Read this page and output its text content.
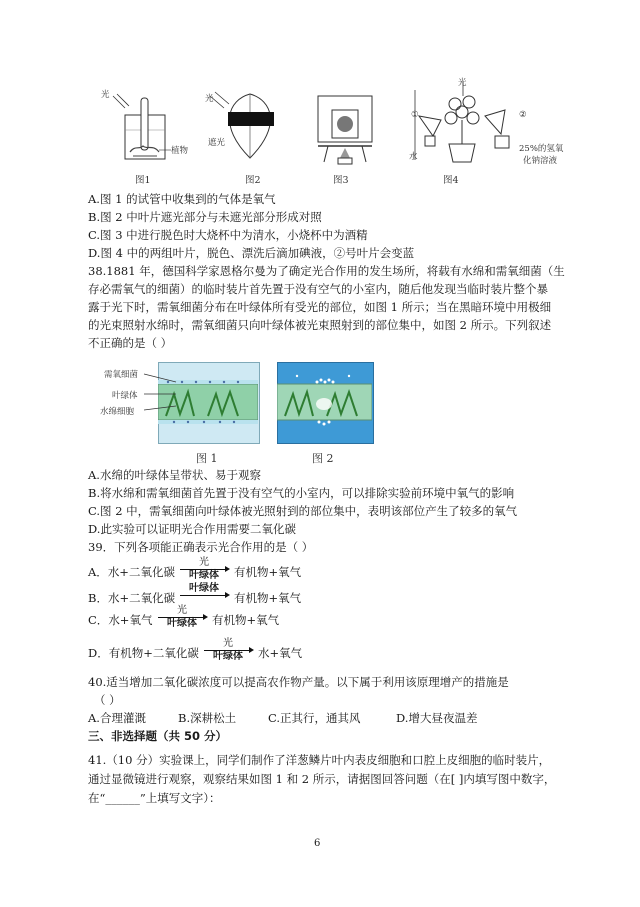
光
植物
图1
光
遮光
图2	图3
光
①	②
水
25%的氢氧
化钠溶液
图4
A.图 1 的试管中收集到的气体是氧气
B.图 2 中叶片遮光部分与未遮光部分形成对照
C.图 3 中进行脱色时大烧杯中为清水，小烧杯中为酒精
D.图 4 中的两组叶片，脱色、漂洗后滴加碘液，②号叶片会变蓝
38.1881 年，德国科学家恩格尔曼为了确定光合作用的发生场所，将载有水绵和需氧细菌（生
存必需氧气的细菌）的临时装片首先置于没有空气的小室内，随后他发现当临时装片整个暴
露于光下时，需氧细菌分布在叶绿体所有受光的部位，如图 1 所示；当在黑暗环境中用极细
的光束照射水绵时，需氧细菌只向叶绿体被光束照射到的部位集中，如图 2 所示。下列叙述
不正确的是（ ）
需氧细菌
叶绿体
水绵细胞
图 1	图 2
A.水绵的叶绿体呈带状、易于观察
B.将水绵和需氧细菌首先置于没有空气的小室内，可以排除实验前环境中氧气的影响
C.图 2 中，需氧细菌向叶绿体被光照射到的部位集中，表明该部位产生了较多的氧气
D.此实验可以证明光合作用需要二氧化碳
39．下列各项能正确表示光合作用的是（ ）
A．水+二氧化碳
光
叶绿体 有机物+氧气
B．水+二氧化碳
叶绿体
有机物+氧气
C．水+氧气
光
叶绿体 有机物+氧气
D．有机物+二氧化碳
光
叶绿体 水+氧气
40.适当增加二氧化碳浓度可以提高农作物产量。以下属于利用该原理增产的措施是
（ ）
A.合理灌溉	B.深耕松土	C.正其行，通其风	D.增大昼夜温差
三、非选择题（共 50 分）
41.（10 分）实验课上，同学们制作了洋葱鳞片叶内表皮细胞和口腔上皮细胞的临时装片，
通过显微镜进行观察，观察结果如图 1 和 2 所示，请据图回答问题（在[ ]内填写图中数字，
在“______”上填写文字）：
6
